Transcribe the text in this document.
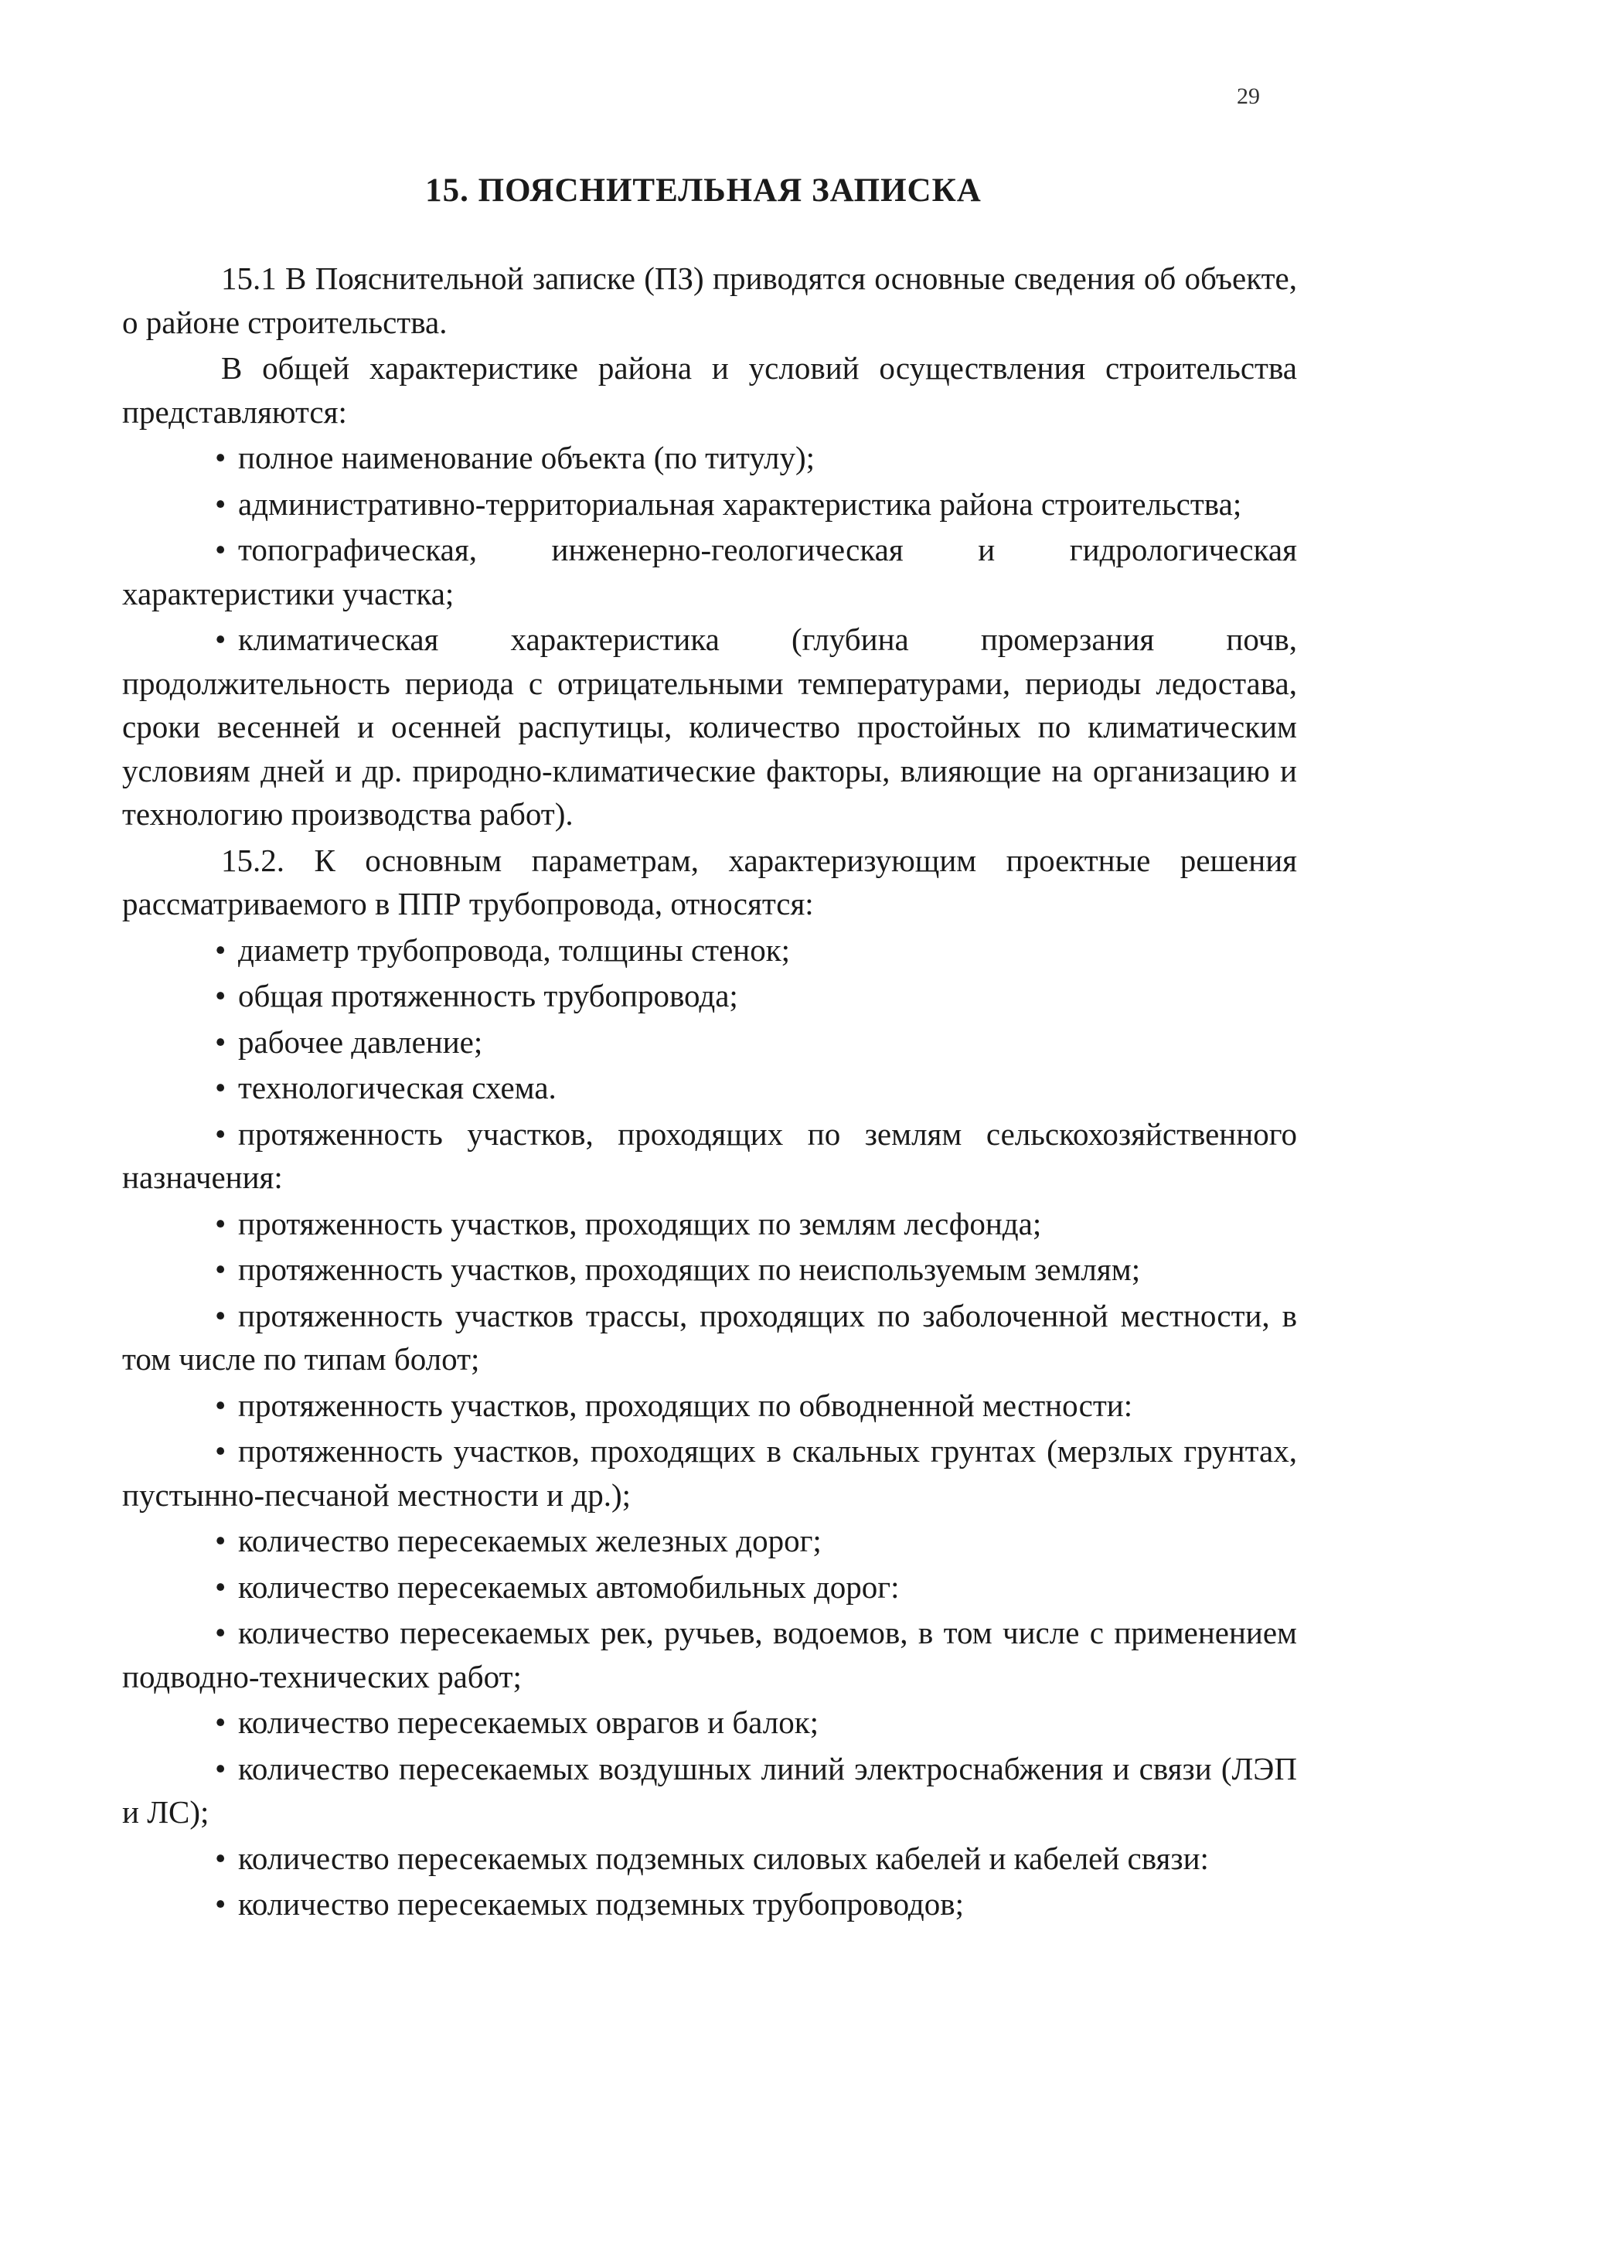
29
15. ПОЯСНИТЕЛЬНАЯ ЗАПИСКА

15.1 В Пояснительной записке (ПЗ) приводятся основные сведения об объекте, о районе строительства.

В общей характеристике района и условий осуществления строительства представляются:

• полное наименование объекта (по титулу);

• административно-территориальная характеристика района строительства;

• топографическая, инженерно-геологическая и гидрологическая характеристики участка;

• климатическая характеристика (глубина промерзания почв, продолжительность периода с отрицательными температурами, периоды ледостава, сроки весенней и осенней распутицы, количество простойных по климатическим условиям дней и др. природно-климатические факторы, влияющие на организацию и технологию производства работ).

15.2. К основным параметрам, характеризующим проектные решения рассматриваемого в ППР трубопровода, относятся:

• диаметр трубопровода, толщины стенок;

• общая протяженность трубопровода;

• рабочее давление;

• технологическая схема.

• протяженность участков, проходящих по землям сельскохозяйственного назначения:

• протяженность участков, проходящих по землям лесфонда;

• протяженность участков, проходящих по неиспользуемым землям;

• протяженность участков трассы, проходящих по заболоченной местности, в том числе по типам болот;

• протяженность участков, проходящих по обводненной местности:

• протяженность участков, проходящих в скальных грунтах (мерзлых грунтах, пустынно-песчаной местности и др.);

• количество пересекаемых железных дорог;

• количество пересекаемых автомобильных дорог:

• количество пересекаемых рек, ручьев, водоемов, в том числе с применением подводно-технических работ;

• количество пересекаемых оврагов и балок;

• количество пересекаемых воздушных линий электроснабжения и связи (ЛЭП и ЛС);

• количество пересекаемых подземных силовых кабелей и кабелей связи:

• количество пересекаемых подземных трубопроводов;
